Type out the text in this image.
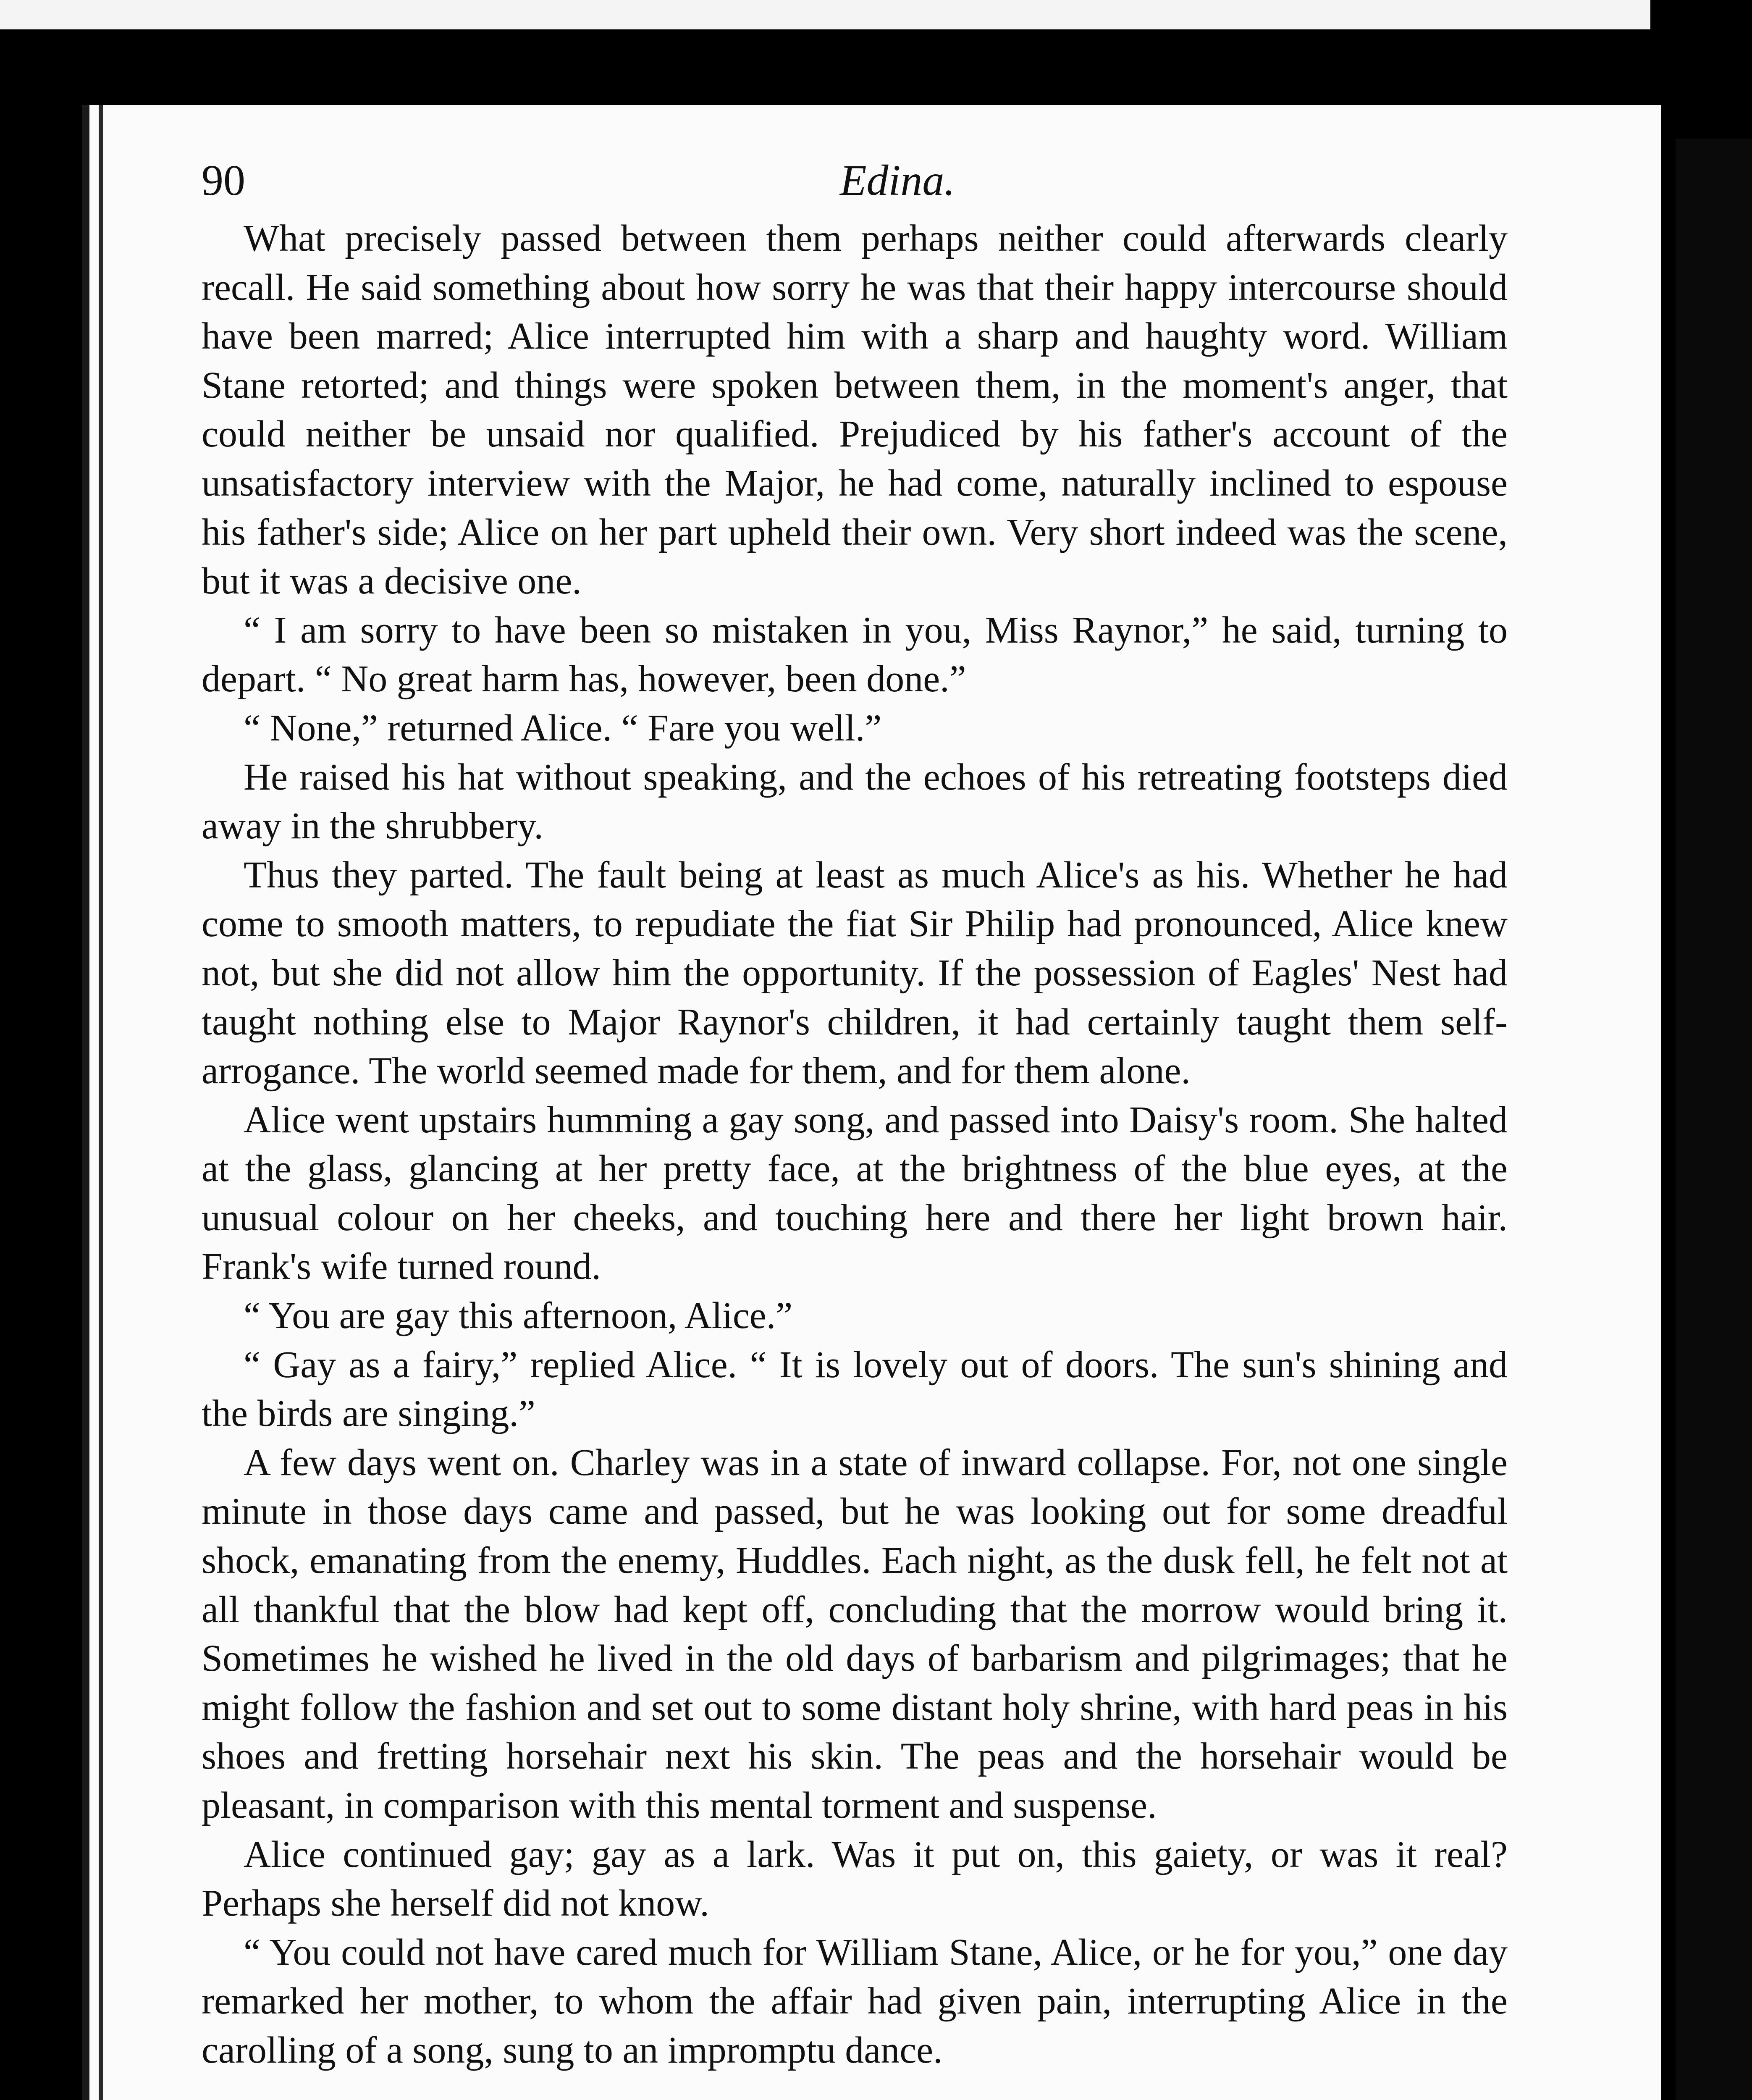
90	Edina.

What precisely passed between them perhaps neither could afterwards clearly recall. He said something about how sorry he was that their happy intercourse should have been marred; Alice interrupted him with a sharp and haughty word. William Stane retorted; and things were spoken between them, in the moment's anger, that could neither be unsaid nor qualified. Prejudiced by his father's account of the unsatisfactory interview with the Major, he had come, naturally inclined to espouse his father's side; Alice on her part upheld their own. Very short indeed was the scene, but it was a decisive one.

“ I am sorry to have been so mistaken in you, Miss Raynor,” he said, turning to depart. “ No great harm has, however, been done.”

“ None,” returned Alice. “ Fare you well.”

He raised his hat without speaking, and the echoes of his retreating footsteps died away in the shrubbery.

Thus they parted. The fault being at least as much Alice's as his. Whether he had come to smooth matters, to repudiate the fiat Sir Philip had pronounced, Alice knew not, but she did not allow him the opportunity. If the possession of Eagles' Nest had taught nothing else to Major Raynor's children, it had certainly taught them self-arrogance. The world seemed made for them, and for them alone.

Alice went upstairs humming a gay song, and passed into Daisy's room. She halted at the glass, glancing at her pretty face, at the brightness of the blue eyes, at the unusual colour on her cheeks, and touching here and there her light brown hair. Frank's wife turned round.

“ You are gay this afternoon, Alice.”

“ Gay as a fairy,” replied Alice. “ It is lovely out of doors. The sun's shining and the birds are singing.”

A few days went on. Charley was in a state of inward collapse. For, not one single minute in those days came and passed, but he was looking out for some dreadful shock, emanating from the enemy, Huddles. Each night, as the dusk fell, he felt not at all thankful that the blow had kept off, concluding that the morrow would bring it. Sometimes he wished he lived in the old days of barbarism and pilgrimages; that he might follow the fashion and set out to some distant holy shrine, with hard peas in his shoes and fretting horsehair next his skin. The peas and the horsehair would be pleasant, in comparison with this mental torment and suspense.

Alice continued gay; gay as a lark. Was it put on, this gaiety, or was it real? Perhaps she herself did not know.

“ You could not have cared much for William Stane, Alice, or he for you,” one day remarked her mother, to whom the affair had given pain, interrupting Alice in the carolling of a song, sung to an impromptu dance.
